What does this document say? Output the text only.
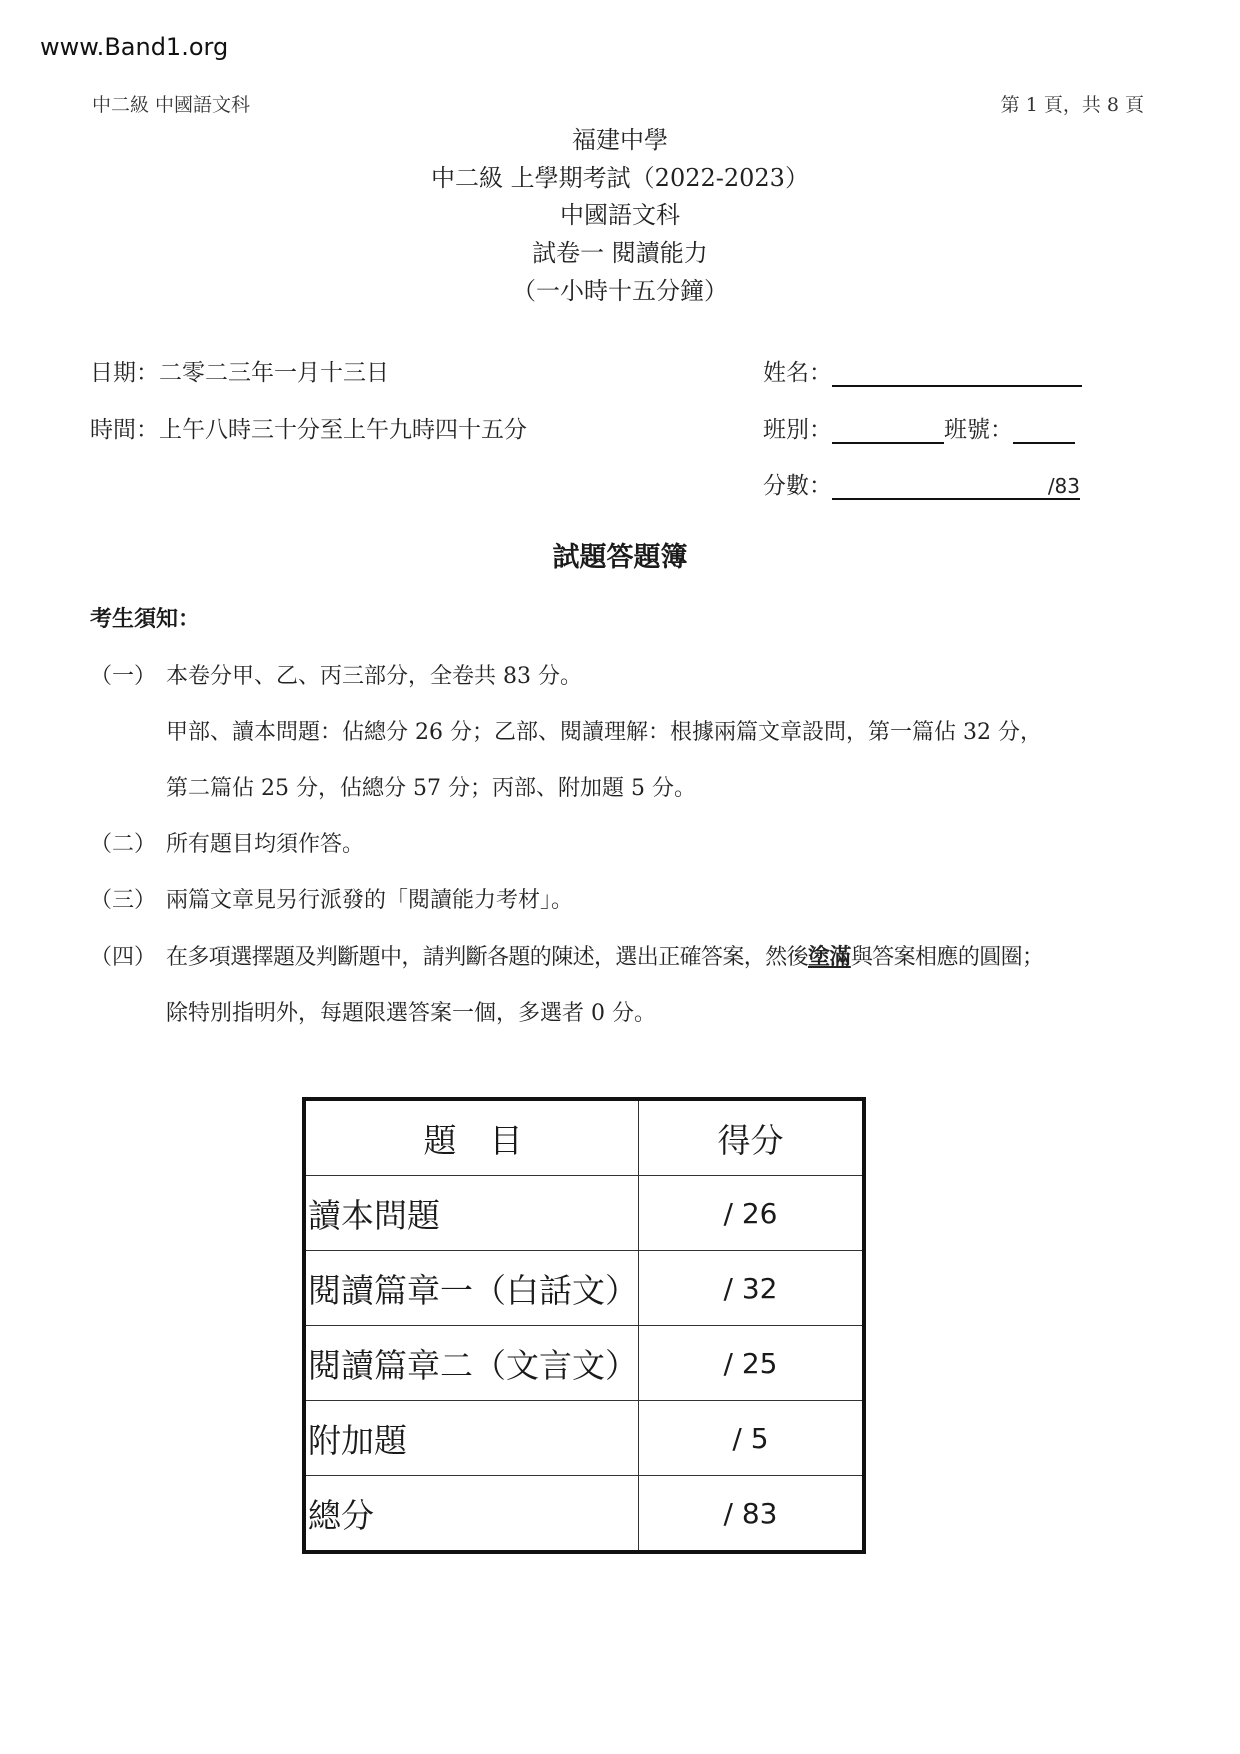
www.Band1.org
中二級 中國語文科	第 1 頁，共 8 頁
福建中學
中二級 上學期考試（2022-2023）
中國語文科
試卷一 閱讀能力
（一小時十五分鐘）
日期：二零二三年一月十三日
時間：上午八時三十分至上午九時四十五分
姓名：
班別：	班號：
分數：	/83
試題答題簿
考生須知：
（一） 本卷分甲、乙、丙三部分，全卷共 83 分。
甲部、讀本問題：佔總分 26 分；乙部、閱讀理解：根據兩篇文章設問，第一篇佔 32 分，
第二篇佔 25 分，佔總分 57 分；丙部、附加題 5 分。
（二） 所有題目均須作答。
（三） 兩篇文章見另行派發的「閱讀能力考材」。
（四） 在多項選擇題及判斷題中，請判斷各題的陳述，選出正確答案，然後塗滿與答案相應的圓圈；
除特別指明外，每題限選答案一個，多選者 0 分。
題　目	得分
讀本問題	/ 26
閱讀篇章一（白話文）	/ 32
閱讀篇章二（文言文）	/ 25
附加題	/ 5
總分	/ 83
